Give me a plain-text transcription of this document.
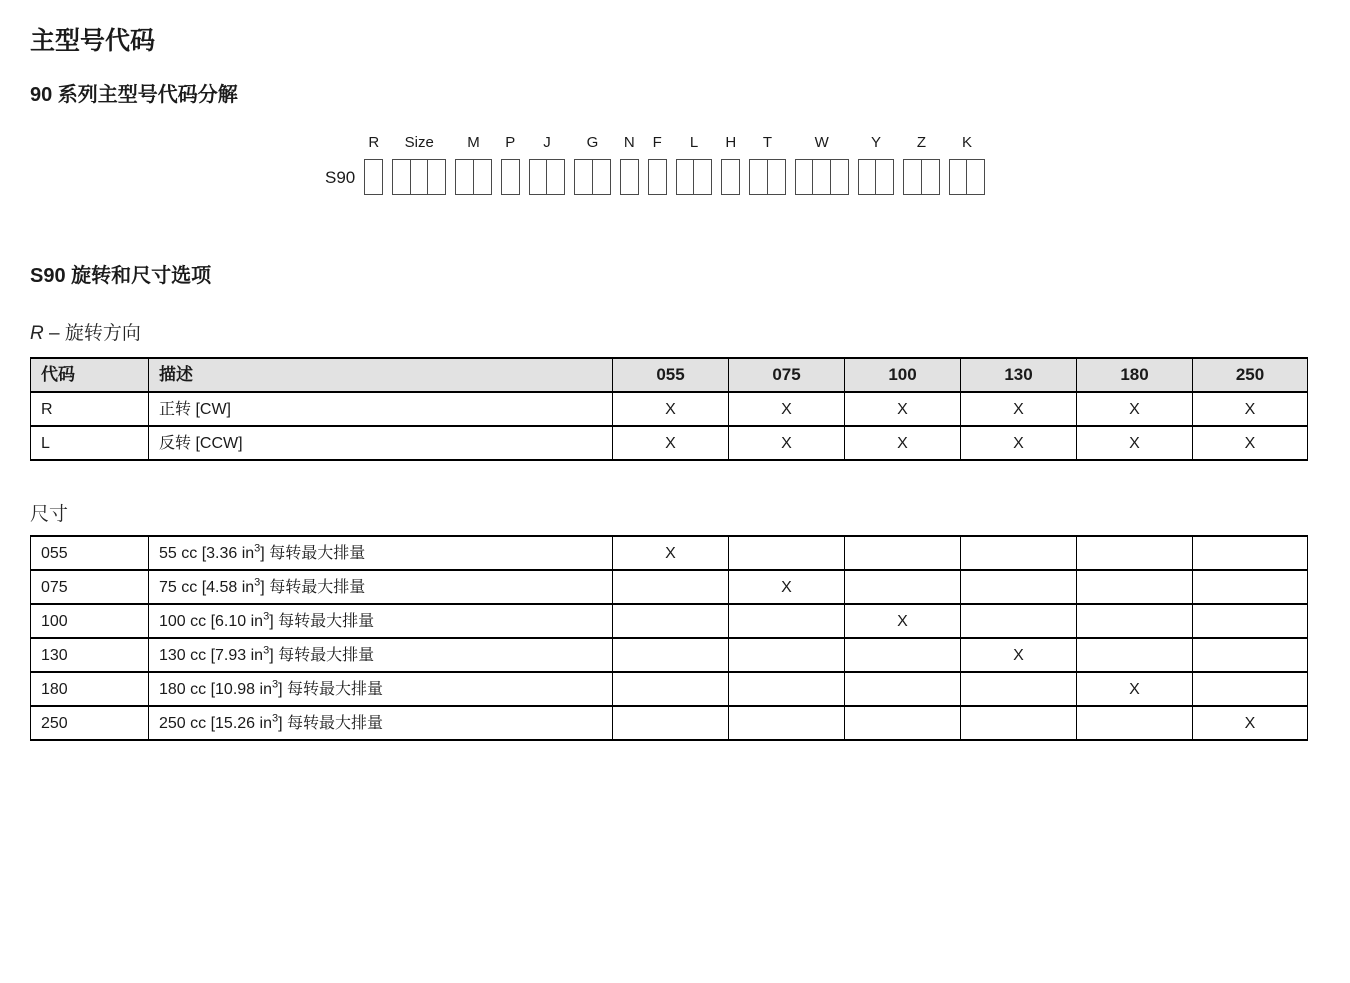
主型号代码
90 系列主型号代码分解
S90
R Size M P J G N F L H T	W	Y Z K
S90 旋转和尺寸选项
R – 旋转方向
代码	描述	055	075	100	130	180	250
R	正转 [CW]	X	X	X	X	X	X
L	反转 [CCW]	X	X	X	X	X	X
尺寸
055	55 cc [3.36 $in^3$] 每转最大排量	X					
075	75 cc [4.58 $in^3$] 每转最大排量		X				
100	100 cc [6.10 $in^3$] 每转最大排量			X			
130	130 cc [7.93 $in^3$] 每转最大排量				X		
180	180 cc [10.98 $in^3$] 每转最大排量					X	
250	250 cc [15.26 $in^3$] 每转最大排量						X
